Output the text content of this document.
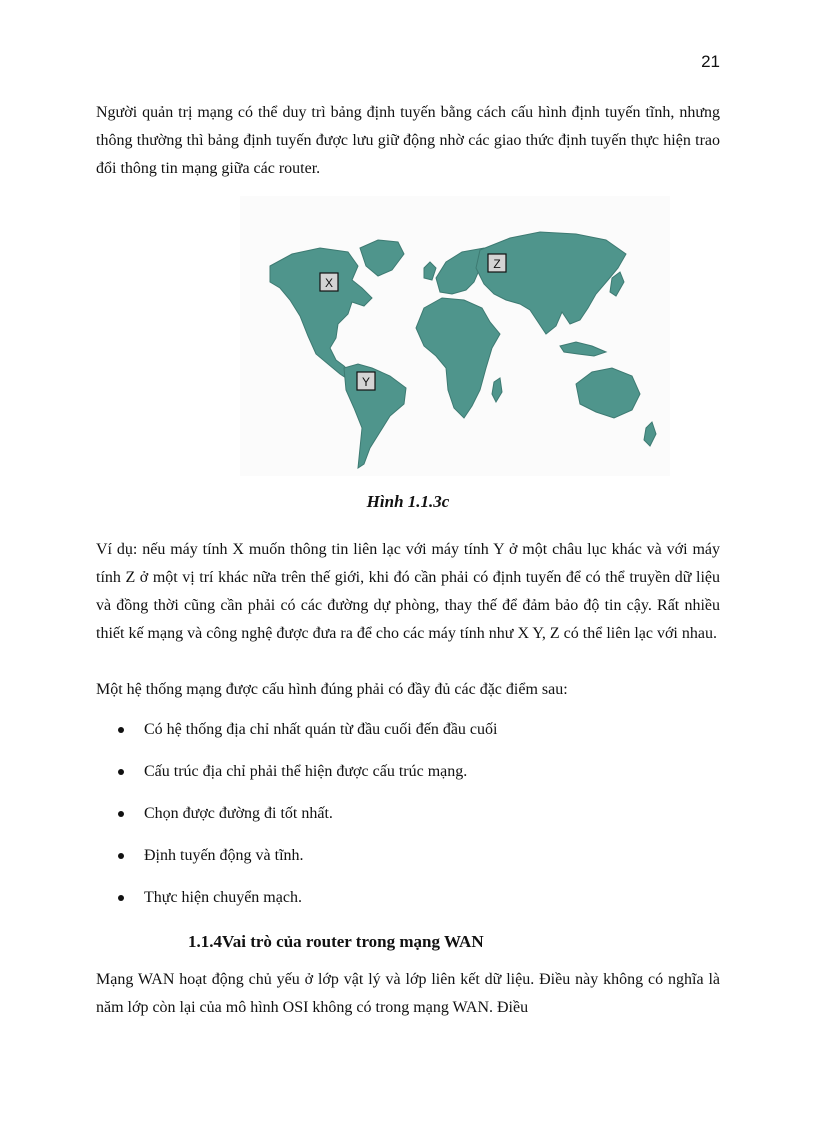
21

Người quản trị mạng có thể duy trì bảng định tuyến bằng cách cấu hình định tuyến tĩnh, nhưng thông thường thì bảng định tuyến được lưu giữ động nhờ các giao thức định tuyến thực hiện trao đổi thông tin mạng giữa các router.

X
Z
Y
Hình 1.1.3c

Ví dụ: nếu máy tính X muốn thông tin liên lạc với máy tính Y ở một châu lục khác và với máy tính Z ở một vị trí khác nữa trên thế giới, khi đó cần phải có định tuyến để có thể truyền dữ liệu và đồng thời cũng cần phải có các đường dự phòng, thay thế để đảm bảo độ tin cậy. Rất nhiều thiết kế mạng và công nghệ được đưa ra để cho các máy tính như X Y, Z có thể liên lạc với nhau.

Một hệ thống mạng được cấu hình đúng phải có đầy đủ các đặc điểm sau:

Có hệ thống địa chỉ nhất quán từ đầu cuối đến đầu cuối
Cấu trúc địa chỉ phải thể hiện được cấu trúc mạng.
Chọn được đường đi tốt nhất.
Định tuyến động và tĩnh.
Thực hiện chuyển mạch.
1.1.4Vai trò của router trong mạng WAN

Mạng WAN hoạt động chủ yếu ở lớp vật lý và lớp liên kết dữ liệu. Điều này không có nghĩa là năm lớp còn lại của mô hình OSI không có trong mạng WAN. Điều
